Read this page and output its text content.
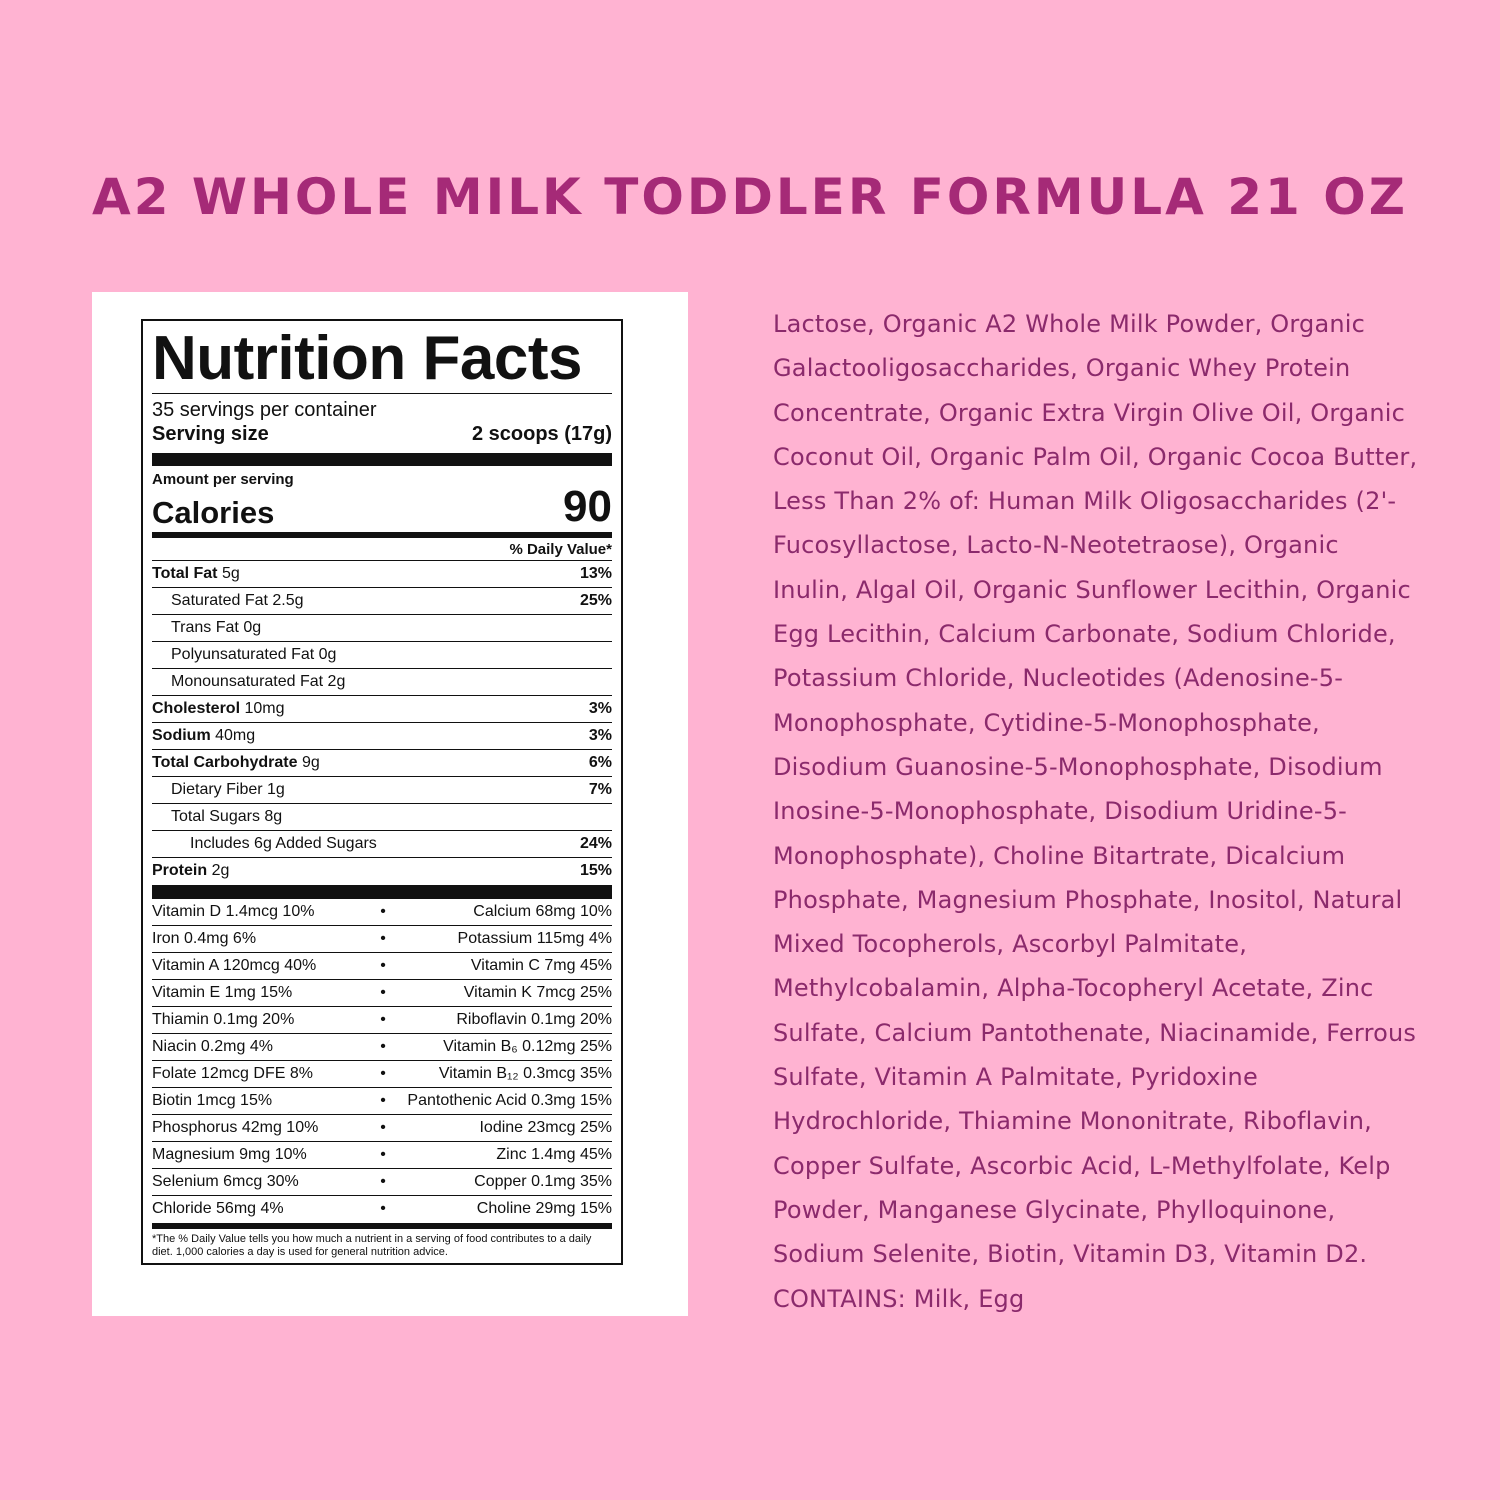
A2 WHOLE MILK TODDLER FORMULA 21 OZ
Nutrition Facts
35 servings per container
Serving size	2 scoops (17g)
Amount per serving
Calories	90
% Daily Value*
Total Fat 5g	13%
Saturated Fat 2.5g	25%
Trans Fat 0g
Polyunsaturated Fat 0g
Monounsaturated Fat 2g
Cholesterol 10mg	3%
Sodium 40mg	3%
Total Carbohydrate 9g	6%
Dietary Fiber 1g	7%
Total Sugars 8g
Includes 6g Added Sugars	24%
Protein 2g	15%
Vitamin D 1.4mcg 10%	•	Calcium 68mg 10%
Iron 0.4mg 6%	•	Potassium 115mg 4%
Vitamin A 120mcg 40%	•	Vitamin C 7mg 45%
Vitamin E 1mg 15%	•	Vitamin K 7mcg 25%
Thiamin 0.1mg 20%	•	Riboflavin 0.1mg 20%
Niacin 0.2mg 4%	•	Vitamin B₆ 0.12mg 25%
Folate 12mcg DFE 8%	•	Vitamin B₁₂ 0.3mcg 35%
Biotin 1mcg 15%	•	Pantothenic Acid 0.3mg 15%
Phosphorus 42mg 10%	•	Iodine 23mcg 25%
Magnesium 9mg 10%	•	Zinc 1.4mg 45%
Selenium 6mcg 30%	•	Copper 0.1mg 35%
Chloride 56mg 4%	•	Choline 29mg 15%
*The % Daily Value tells you how much a nutrient in a serving of food contributes to a daily diet. 1,000 calories a day is used for general nutrition advice.
Lactose, Organic A2 Whole Milk Powder, Organic
Galactooligosaccharides, Organic Whey Protein
Concentrate, Organic Extra Virgin Olive Oil, Organic
Coconut Oil, Organic Palm Oil, Organic Cocoa Butter,
Less Than 2% of: Human Milk Oligosaccharides (2'-
Fucosyllactose, Lacto-N-Neotetraose), Organic
Inulin, Algal Oil, Organic Sunflower Lecithin, Organic
Egg Lecithin, Calcium Carbonate, Sodium Chloride,
Potassium Chloride, Nucleotides (Adenosine-5-
Monophosphate, Cytidine-5-Monophosphate,
Disodium Guanosine-5-Monophosphate, Disodium
Inosine-5-Monophosphate, Disodium Uridine-5-
Monophosphate), Choline Bitartrate, Dicalcium
Phosphate, Magnesium Phosphate, Inositol, Natural
Mixed Tocopherols, Ascorbyl Palmitate,
Methylcobalamin, Alpha-Tocopheryl Acetate, Zinc
Sulfate, Calcium Pantothenate, Niacinamide, Ferrous
Sulfate, Vitamin A Palmitate, Pyridoxine
Hydrochloride, Thiamine Mononitrate, Riboflavin,
Copper Sulfate, Ascorbic Acid, L-Methylfolate, Kelp
Powder, Manganese Glycinate, Phylloquinone,
Sodium Selenite, Biotin, Vitamin D3, Vitamin D2.
CONTAINS: Milk, Egg
